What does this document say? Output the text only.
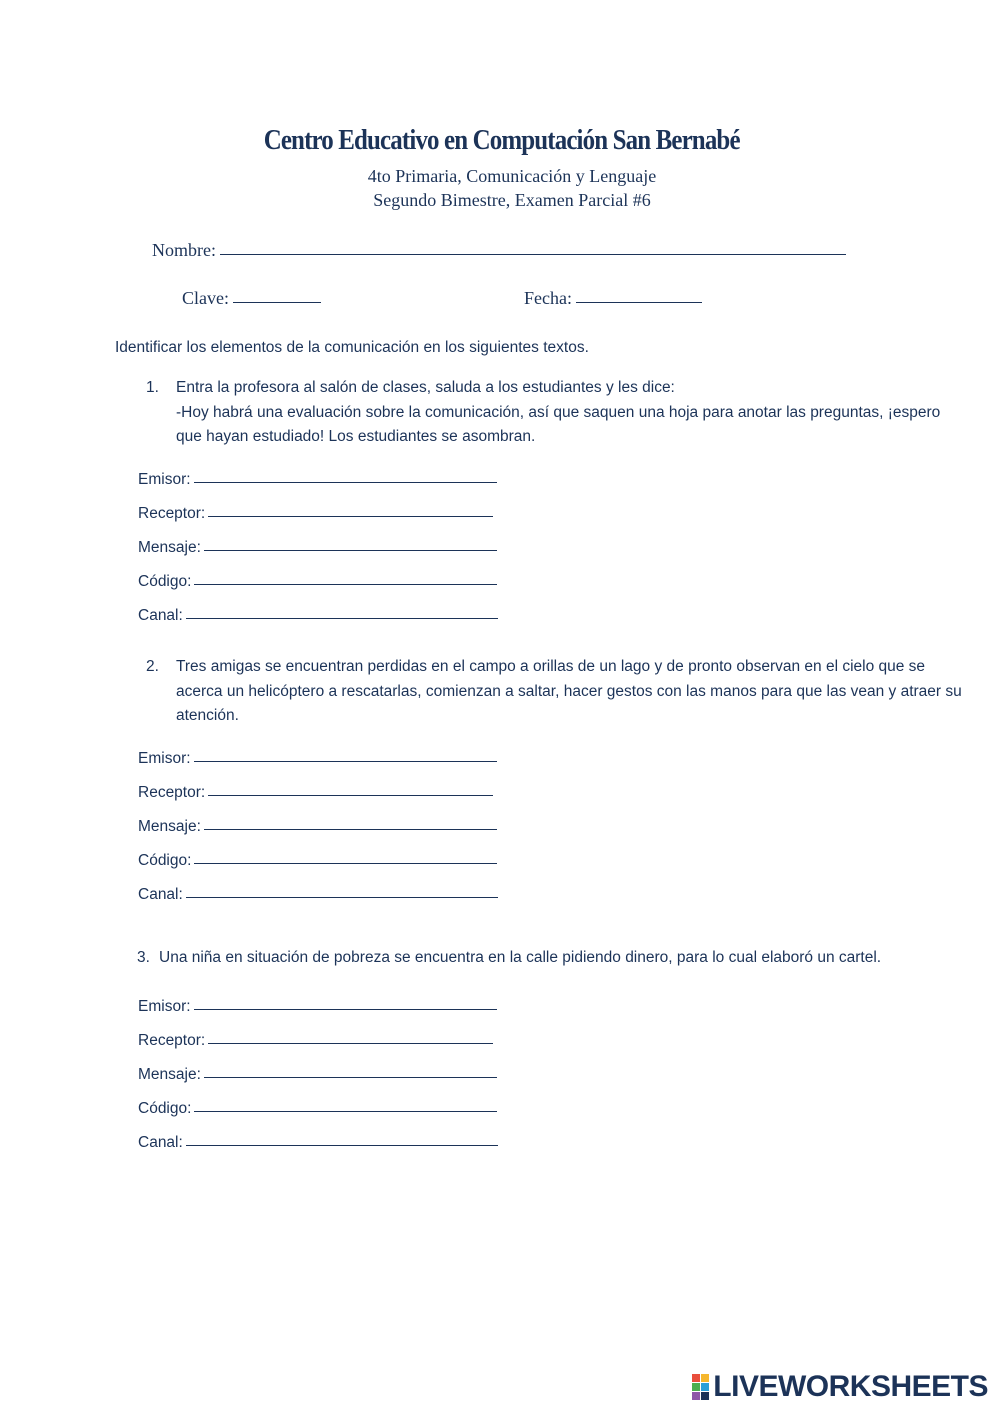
Centro Educativo en Computación San Bernabé
4to Primaria, Comunicación y Lenguaje
Segundo Bimestre, Examen Parcial #6
Nombre:
Clave:	Fecha:
Identificar los elementos de la comunicación en los siguientes textos.
1. Entra la profesora al salón de clases, saluda a los estudiantes y les dice:
-Hoy habrá una evaluación sobre la comunicación, así que saquen una hoja para anotar las preguntas, ¡espero que hayan estudiado! Los estudiantes se asombran.
Emisor:
Receptor:
Mensaje:
Código:
Canal:
2. Tres amigas se encuentran perdidas en el campo a orillas de un lago y de pronto observan en el cielo que se acerca un helicóptero a rescatarlas, comienzan a saltar, hacer gestos con las manos para que las vean y atraer su atención.
Emisor:
Receptor:
Mensaje:
Código:
Canal:
3. Una niña en situación de pobreza se encuentra en la calle pidiendo dinero, para lo cual elaboró un cartel.
Emisor:
Receptor:
Mensaje:
Código:
Canal:
LIVEWORKSHEETS
